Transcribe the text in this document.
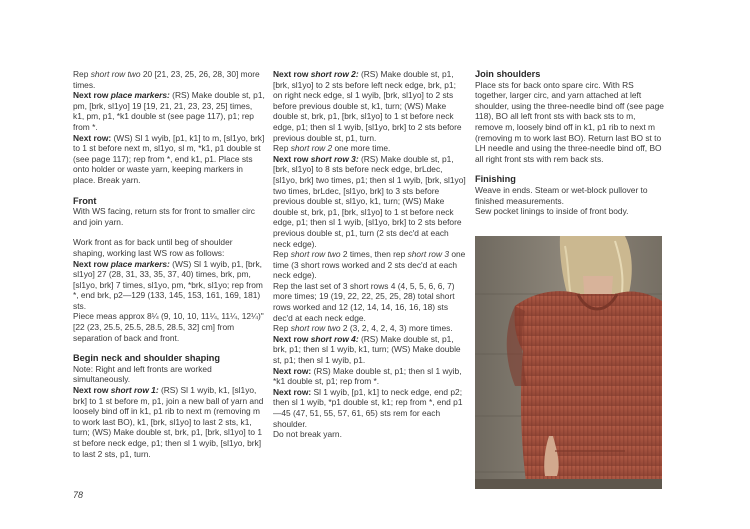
Rep short row two 20 [21, 23, 25, 26, 28, 30] more times.

Next row place markers: (RS) Make double st, p1, pm, [brk, sl1yo] 19 [19, 21, 21, 23, 23, 25] times, k1, pm, p1, *k1 double st (see page 117), p1; rep from *.

Next row: (WS) Sl 1 wyib, [p1, k1] to m, [sl1yo, brk] to 1 st before next m, sl1yo, sl m, *k1, p1 double st (see page 117); rep from *, end k1, p1. Place sts onto holder or waste yarn, keeping markers in place. Break yarn.

Front

With WS facing, return sts for front to smaller circ and join yarn.

Work front as for back until beg of shoulder shaping, working last WS row as follows:

Next row place markers: (WS) Sl 1 wyib, p1, [brk, sl1yo] 27 (28, 31, 33, 35, 37, 40) times, brk, pm, [sl1yo, brk] 7 times, sl1yo, pm, *brk, sl1yo; rep from *, end brk, p2—129 (133, 145, 153, 161, 169, 181) sts.

Piece meas approx 8¼ (9, 10, 10, 11¼, 11¼, 12¼)" [22 (23, 25.5, 25.5, 28.5, 28.5, 32] cm] from separation of back and front.

Begin neck and shoulder shaping

Note: Right and left fronts are worked simultaneously.

Next row short row 1: (RS) Sl 1 wyib, k1, [sl1yo, brk] to 1 st before m, p1, join a new ball of yarn and loosely bind off in k1, p1 rib to next m (removing m to work last BO), k1, [brk, sl1yo] to last 2 sts, k1, turn; (WS) Make double st, brk, p1, [brk, sl1yo] to 1 st before neck edge, p1; then sl 1 wyib, [sl1yo, brk] to last 2 sts, p1, turn.

Next row short row 2: (RS) Make double st, p1, [brk, sl1yo] to 2 sts before left neck edge, brk, p1; on right neck edge, sl 1 wyib, [brk, sl1yo] to 2 sts before previous double st, k1, turn; (WS) Make double st, brk, p1, [brk, sl1yo] to 1 st before neck edge, p1; then sl 1 wyib, [sl1yo, brk] to 2 sts before previous double st, p1, turn.

Rep short row 2 one more time.

Next row short row 3: (RS) Make double st, p1, [brk, sl1yo] to 8 sts before neck edge, brLdec, [sl1yo, brk] two times, p1; then sl 1 wyib, [brk, sl1yo] two times, brLdec, [sl1yo, brk] to 3 sts before previous double st, sl1yo, k1, turn; (WS) Make double st, brk, p1, [brk, sl1yo] to 1 st before neck edge, p1; then sl 1 wyib, [sl1yo, brk] to 2 sts before previous double st, p1, turn (2 sts dec'd at each neck edge).

Rep short row two 2 times, then rep short row 3 one time (3 short rows worked and 2 sts dec'd at each neck edge).

Rep the last set of 3 short rows 4 (4, 5, 5, 6, 6, 7) more times; 19 (19, 22, 22, 25, 25, 28) total short rows worked and 12 (12, 14, 14, 16, 16, 18) sts dec'd at each neck edge.

Rep short row two 2 (3, 2, 4, 2, 4, 3) more times.

Next row short row 4: (RS) Make double st, p1, brk, p1; then sl 1 wyib, k1, turn; (WS) Make double st, p1; then sl 1 wyib, p1.

Next row: (RS) Make double st, p1; then sl 1 wyib, *k1 double st, p1; rep from *.

Next row: Sl 1 wyib, [p1, k1] to neck edge, end p2; then sl 1 wyib, *p1 double st, k1; rep from *, end p1—45 (47, 51, 55, 57, 61, 65) sts rem for each shoulder.

Do not break yarn.

Join shoulders

Place sts for back onto spare circ. With RS together, larger circ, and yarn attached at left shoulder, using the three-needle bind off (see page 118), BO all left front sts with back sts to m, remove m, loosely bind off in k1, p1 rib to next m (removing m to work last BO). Return last BO st to LH needle and using the three-needle bind off, BO all right front sts with rem back sts.

Finishing

Weave in ends. Steam or wet-block pullover to finished measurements.

Sew pocket linings to inside of front body.

78
